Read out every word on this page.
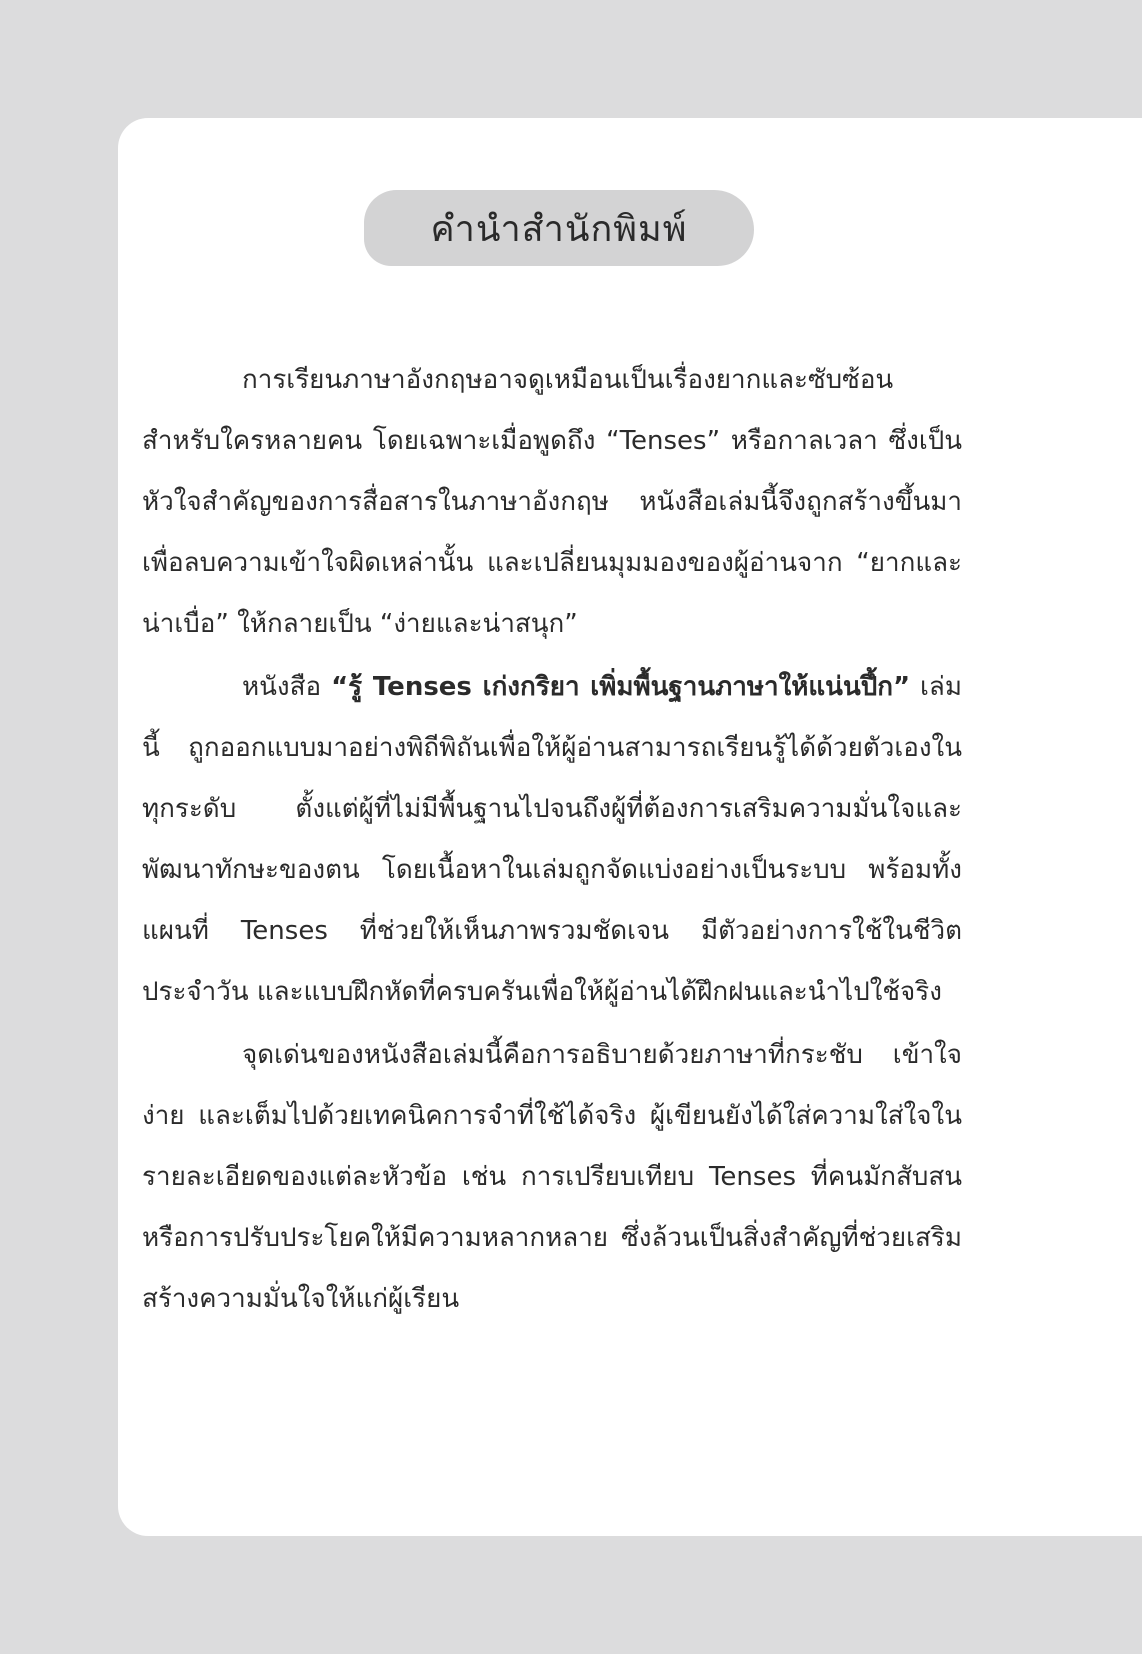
คำนำสำนักพิมพ์

การเรียนภาษาอังกฤษอาจดูเหมือนเป็นเรื่องยากและซับซ้อนสำหรับใครหลายคน โดยเฉพาะเมื่อพูดถึง “Tenses” หรือกาลเวลา ซึ่งเป็นหัวใจสำคัญของการสื่อสารในภาษาอังกฤษ หนังสือเล่มนี้จึงถูกสร้างขึ้นมาเพื่อลบความเข้าใจผิดเหล่านั้น และเปลี่ยนมุมมองของผู้อ่านจาก “ยากและน่าเบื่อ” ให้กลายเป็น “ง่ายและน่าสนุก”

หนังสือ “รู้ Tenses เก่งกริยา เพิ่มพื้นฐานภาษาให้แน่นปึ้ก” เล่มนี้ ถูกออกแบบมาอย่างพิถีพิถันเพื่อให้ผู้อ่านสามารถเรียนรู้ได้ด้วยตัวเองในทุกระดับ ตั้งแต่ผู้ที่ไม่มีพื้นฐานไปจนถึงผู้ที่ต้องการเสริมความมั่นใจและพัฒนาทักษะของตน โดยเนื้อหาในเล่มถูกจัดแบ่งอย่างเป็นระบบ พร้อมทั้งแผนที่ Tenses ที่ช่วยให้เห็นภาพรวมชัดเจน มีตัวอย่างการใช้ในชีวิตประจำวัน และแบบฝึกหัดที่ครบครันเพื่อให้ผู้อ่านได้ฝึกฝนและนำไปใช้จริง

จุดเด่นของหนังสือเล่มนี้คือการอธิบายด้วยภาษาที่กระชับ เข้าใจง่าย และเต็มไปด้วยเทคนิคการจำที่ใช้ได้จริง ผู้เขียนยังได้ใส่ความใส่ใจในรายละเอียดของแต่ละหัวข้อ เช่น การเปรียบเทียบ Tenses ที่คนมักสับสนหรือการปรับประโยคให้มีความหลากหลาย ซึ่งล้วนเป็นสิ่งสำคัญที่ช่วยเสริมสร้างความมั่นใจให้แก่ผู้เรียน
